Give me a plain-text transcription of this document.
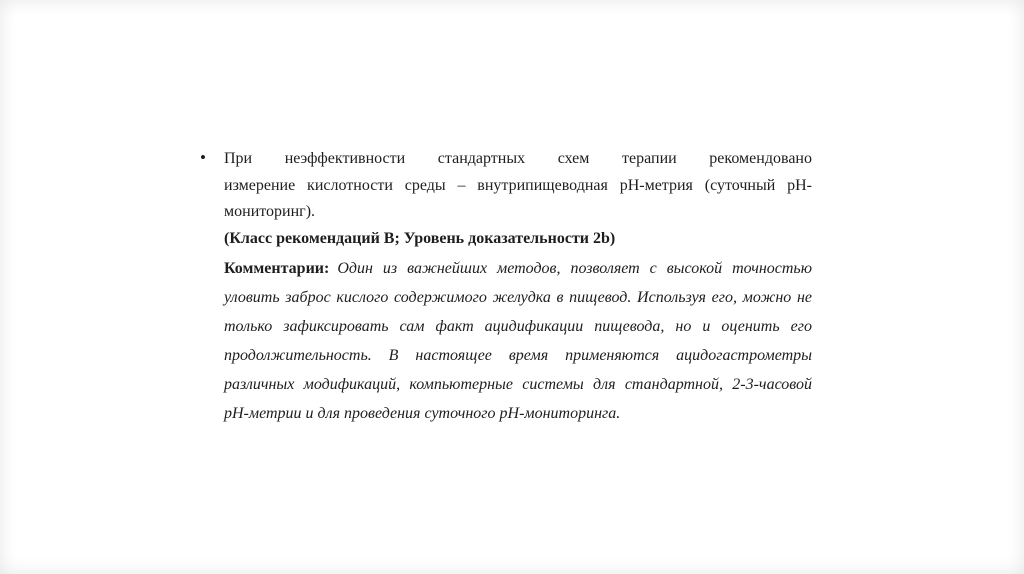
• При неэффективности стандартных схем терапии рекомендовано
измерение кислотности среды – внутрипищеводная pH-метрия (суточный pH-
мониторинг).
(Класс рекомендаций B; Уровень доказательности 2b)
Комментарии: Один из важнейших методов, позволяет с высокой точностью
уловить заброс кислого содержимого желудка в пищевод. Используя его, можно не
только зафиксировать сам факт ацидификации пищевода, но и оценить его
продолжительность. В настоящее время применяются ацидогастрометры
различных модификаций, компьютерные системы для стандартной, 2-3-часовой
pH-метрии и для проведения суточного pH-мониторинга.
